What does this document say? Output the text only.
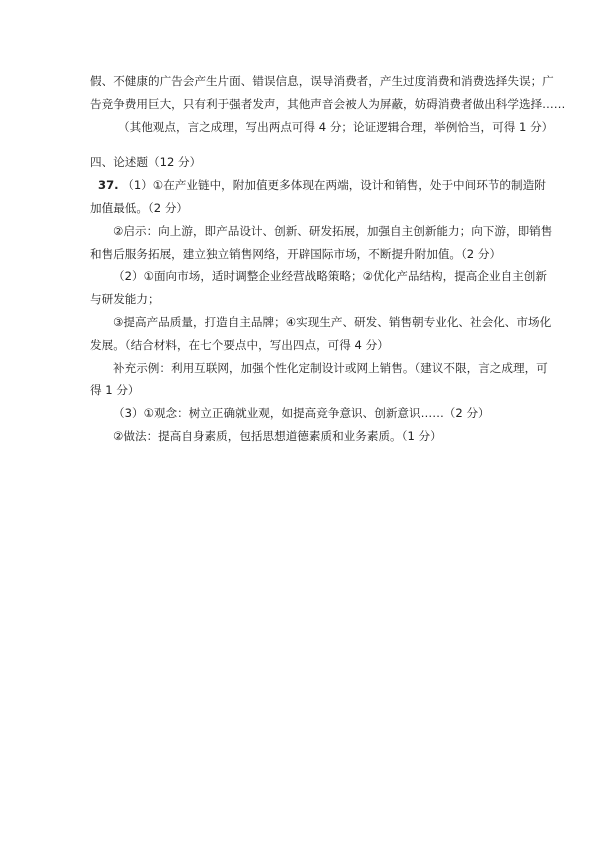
假、不健康的广告会产生片面、错误信息，误导消费者，产生过度消费和消费选择失误；广
告竞争费用巨大，只有利于强者发声，其他声音会被人为屏蔽，妨碍消费者做出科学选择……
（其他观点，言之成理，写出两点可得 4 分；论证逻辑合理，举例恰当，可得 1 分）
四、论述题（12 分）
37. （1）①在产业链中，附加值更多体现在两端，设计和销售，处于中间环节的制造附
加值最低。（2 分）
②启示：向上游，即产品设计、创新、研发拓展，加强自主创新能力；向下游，即销售
和售后服务拓展，建立独立销售网络，开辟国际市场，不断提升附加值。（2 分）
（2）①面向市场，适时调整企业经营战略策略；②优化产品结构，提高企业自主创新
与研发能力；
③提高产品质量，打造自主品牌；④实现生产、研发、销售朝专业化、社会化、市场化
发展。（结合材料，在七个要点中，写出四点，可得 4 分）
补充示例：利用互联网，加强个性化定制设计或网上销售。（建议不限，言之成理，可
得 1 分）
（3）①观念：树立正确就业观，如提高竞争意识、创新意识……（2 分）
②做法：提高自身素质，包括思想道德素质和业务素质。（1 分）
